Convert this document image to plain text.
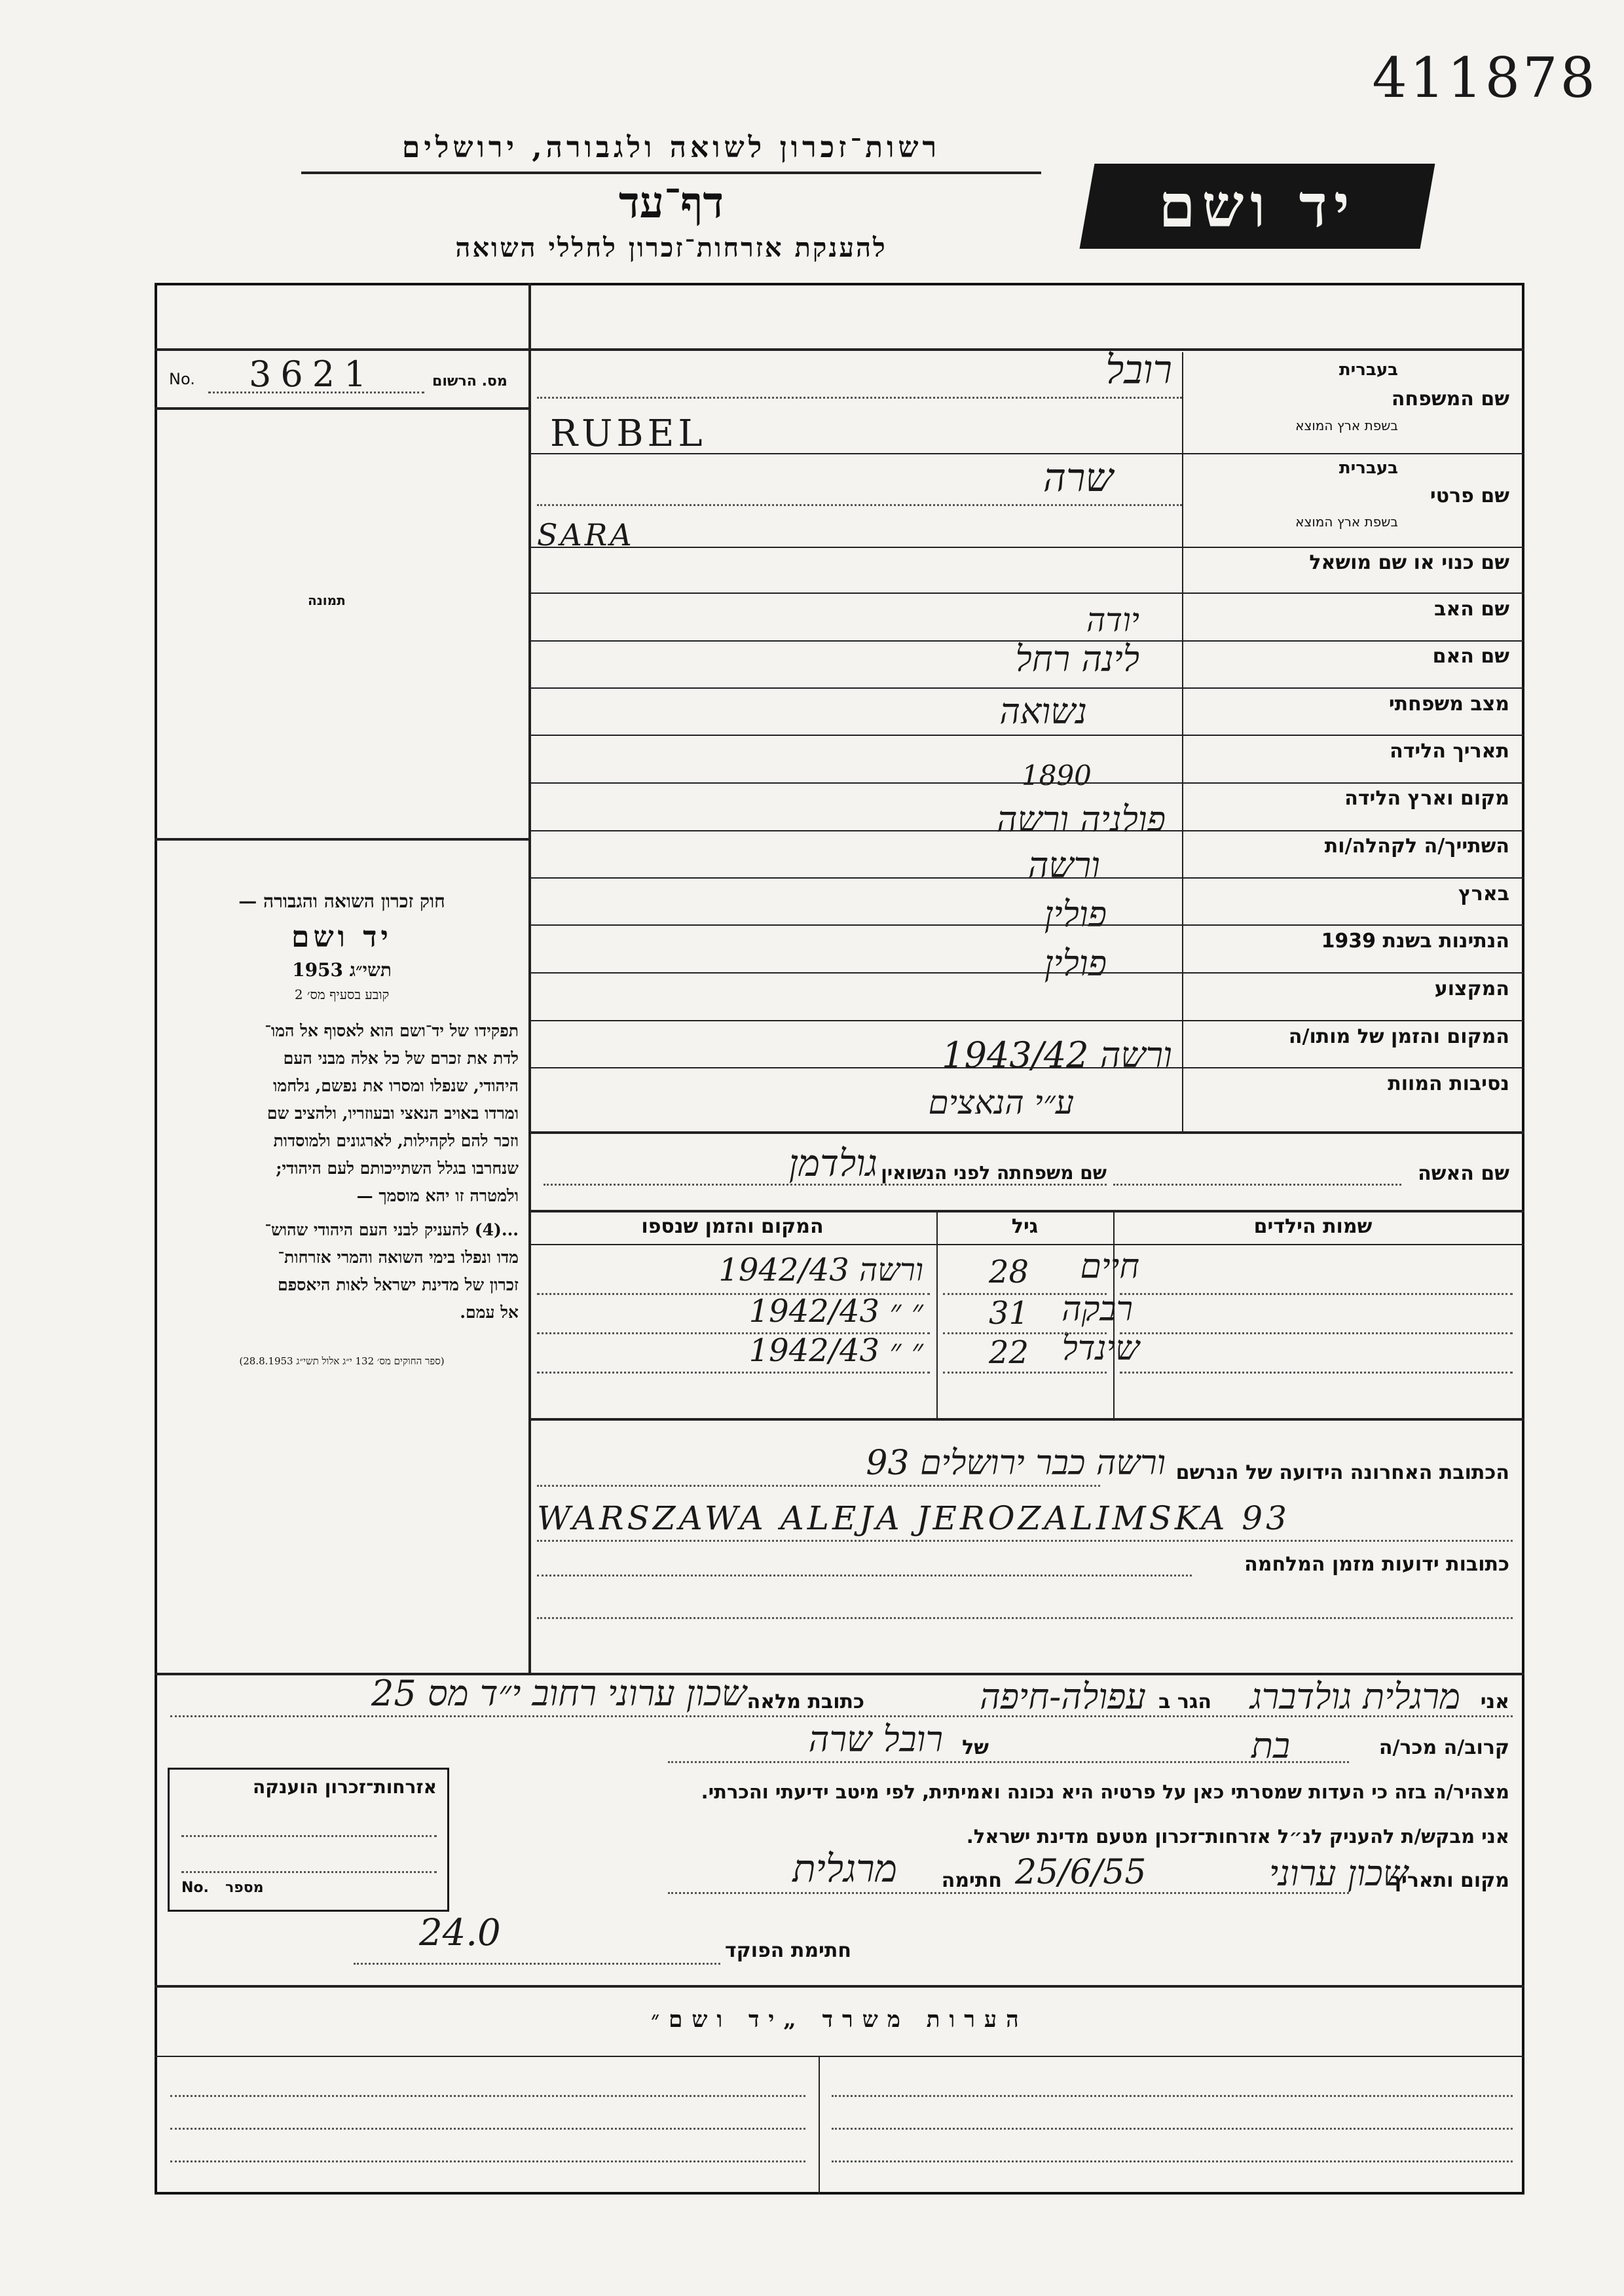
411878
רשות־זכרון לשואה ולגבורה, ירושלים
דף־עד
להענקת אזרחות־זכרון לחללי השואה
יד ושם
No. 3621	מס. הרשום
תמונה
חוק זכרון השואה והגבורה —
יד ושם
תשי״ג 1953
קובע בסעיף מס׳ 2

תפקידו של יד־ושם הוא לאסוף אל המו־

לדת את זכרם של כל אלה מבני העם

היהודי, שנפלו ומסרו את נפשם, נלחמו

ומרדו באויב הנאצי ובעוזריו, ולהציב שם

וזכר להם לקהילות, לארגונים ולמוסדות

שנחרבו בגלל השתייכותם לעם היהודי;

ולמטרה זו יהא מוסמך —

...(4) להעניק לבני העם היהודי שהוש־

מדו ונפלו בימי השואה והמרי אזרחות־

זכרון של מדינת ישראל לאות היאספם

אל עמם.

(ספר החוקים מס׳ 132 י״ג אלול תשי״ג 28.8.1953)
שם המשפחה
בעברית
בשפת ארץ המוצא
רובל
RUBEL
שם פרטי
בעברית
בשפת ארץ המוצא
שרה
SARA
שם כנוי או שם מושאל
שם האב
יודה
שם האם
לינה רחל
מצב משפחתי
נשואה
תאריך הלידה
1890
מקום וארץ הלידה
פולניה ורשה
השתייך/ה לקהלה/ות
ורשה
בארץ
פולין
הנתינות בשנת 1939
פולין
המקצוע
המקום והזמן של מותו/ה
ורשה 1943/42
נסיבות המוות
ע״י הנאצים
שם האשה
שם משפחתה לפני הנשואין
גולדמן
שמות הילדים
גיל
המקום והזמן שנספו
חיים
28
ורשה 1942/43
רבקה
31
״ ״ 1942/43
שינדל
22
״ ״ 1942/43
הכתובת האחרונה הידועה של הנרשם
ורשה כבר ירושלים 93
WARSZAWA ALEJA JEROZALIMSKA 93
כתובות ידועות מזמן המלחמה
אני
מרגלית גולדברג
הגר ב
עפולה-חיפה
כתובת מלאה
שכון ערוני רחוב י״ד מס 25
קרוב/ה מכר/ה
בת
של
רובל שרה
מצהיר/ה בזה כי העדות שמסרתי כאן על פרטיה היא נכונה ואמיתית, לפי מיטב ידיעתי והכרתי.
אני מבקש/ת להעניק לנ״ל אזרחות־זכרון מטעם מדינת ישראל.
מקום ותאריך
שכון ערוני
25/6/55
חתימה
מרגלית
אזרחות־זכרון הוענקה
No. מספר
24.0	חתימת הפוקד
הערות משרד „יד ושם״
